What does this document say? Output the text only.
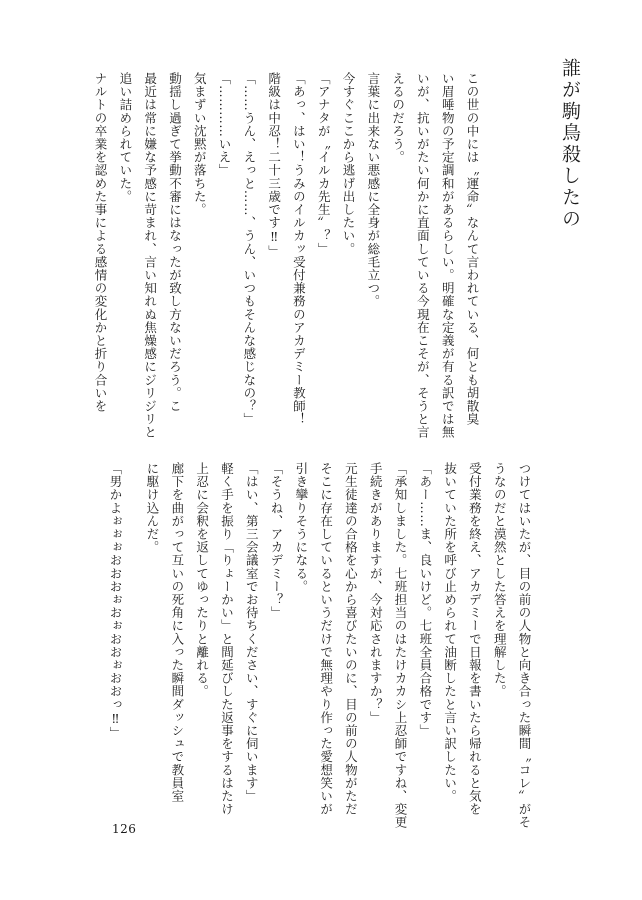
誰が駒鳥殺したの
この世の中には〝運命〟なんて言われている、何とも胡散臭
い眉唾物の予定調和があるらしい。明確な定義が有る訳では無
いが、抗いがたい何かに直面している今現在こそが、そうと言
えるのだろう。
言葉に出来ない悪感に全身が総毛立つ。
今すぐここから逃げ出したい。
「アナタが〝イルカ先生〟？」
「あっ、はい！うみのイルカッ受付兼務のアカデミー教師！
階級は中忍！二十三歳です‼」
「……うん、えっと……、うん、いつもそんな感じなの？」
「…………いえ」
気まずい沈黙が落ちた。
動揺し過ぎて挙動不審にはなったが致し方ないだろう。こ
最近は常に嫌な予感に苛まれ、言い知れぬ焦燥感にジリジリと
追い詰められていた。
ナルトの卒業を認めた事による感情の変化かと折り合いを
つけてはいたが、目の前の人物と向き合った瞬間〝コレ〟がそ
うなのだと漠然とした答えを理解した。
受付業務を終え、アカデミーで日報を書いたら帰れると気を
抜いていた所を呼び止められて油断したと言い訳したい。
「あー……ま、良いけど。七班全員合格です」
「承知しました。七班担当のはたけカカシ上忍師ですね、変更
手続きがありますが、今対応されますか？」
元生徒達の合格を心から喜びたいのに、目の前の人物がただ
そこに存在しているというだけで無理やり作った愛想笑いが
引き攣りそうになる。
「そうね、アカデミー？」
「はい、第三会議室でお待ちください、すぐに伺います」
軽く手を振り「りょーかい」と間延びした返事をするはたけ
上忍に会釈を返してゆったりと離れる。
廊下を曲がって互いの死角に入った瞬間ダッシュで教員室
に駆け込んだ。
「男かよぉぉぉおおおぉおぉおおぉおおっ‼」
126
